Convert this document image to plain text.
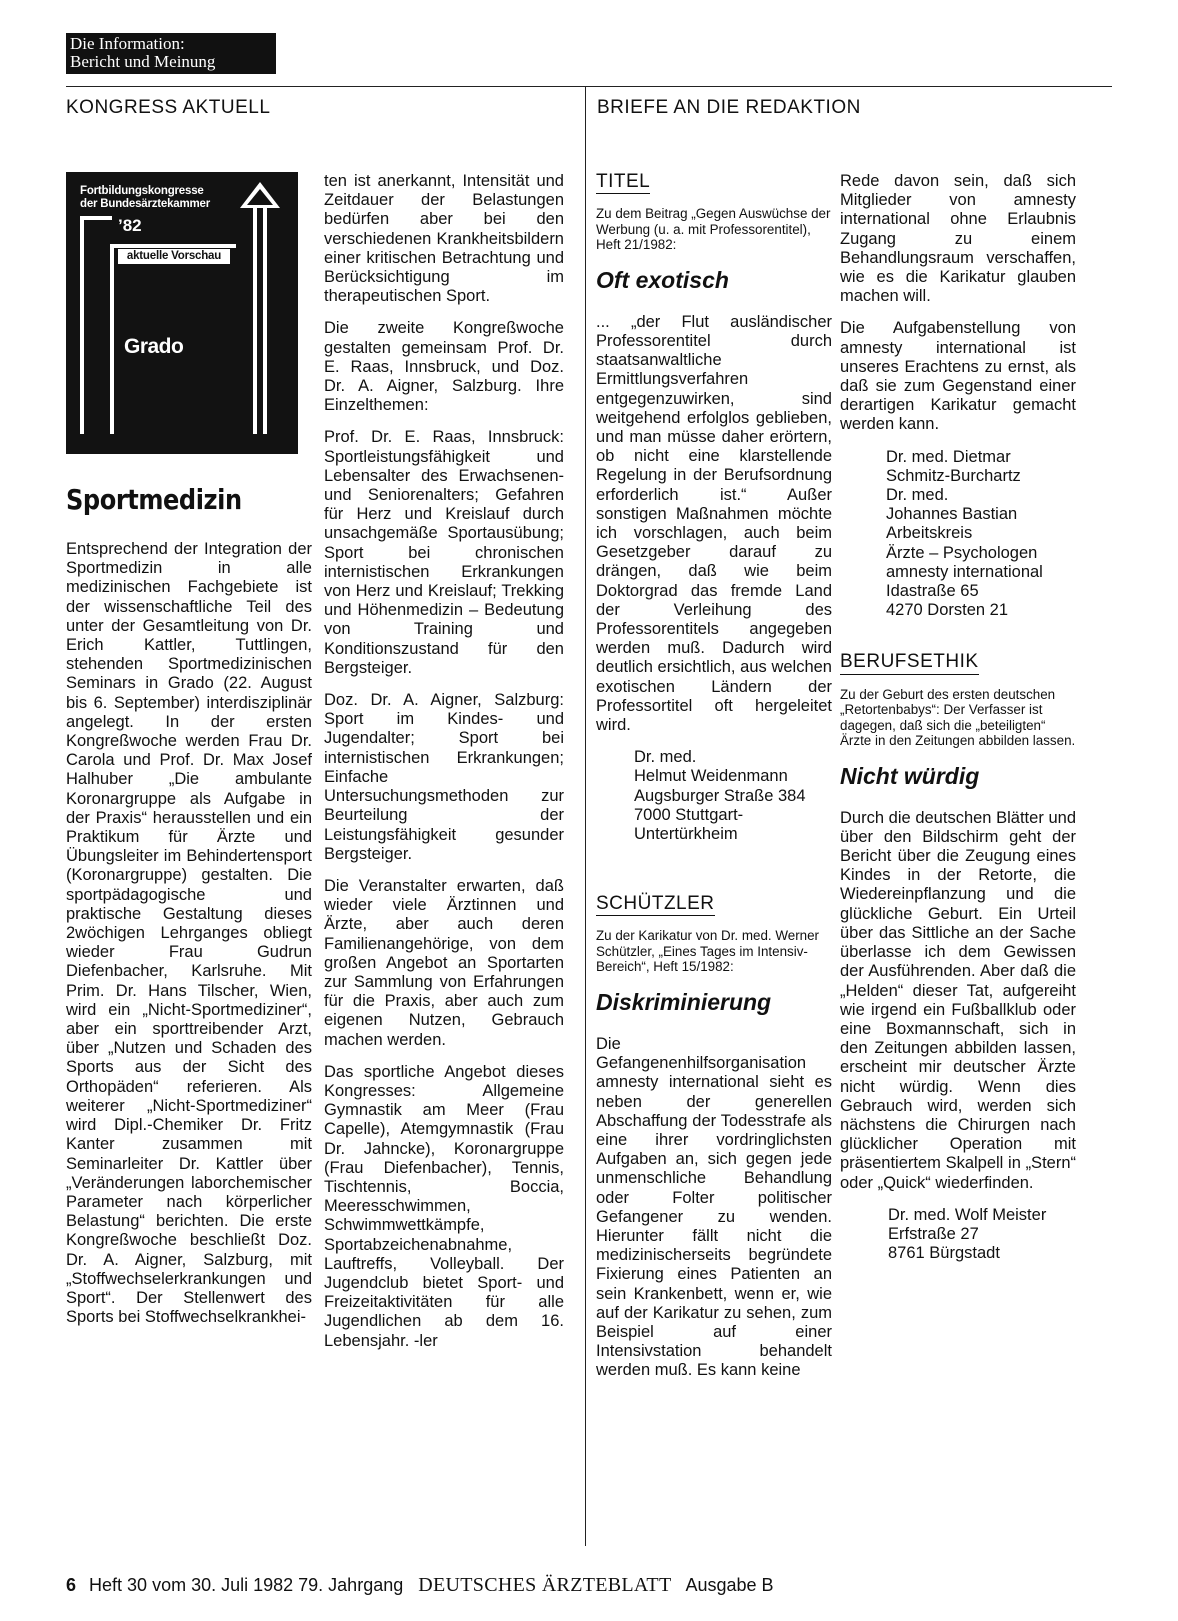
Die Information:
Bericht und Meinung
KONGRESS AKTUELL	BRIEFE AN DIE REDAKTION
Fortbildungskongresse
der Bundesärztekammer
’82
aktuelle Vorschau
Grado
Sportmedizin

Entsprechend der Integration der Sportmedizin in alle medizinischen Fachgebiete ist der wissenschaftliche Teil des unter der Gesamtleitung von Dr. Erich Kattler, Tuttlingen, stehenden Sportmedizinischen Seminars in Grado (22. August bis 6. September) interdisziplinär angelegt. In der ersten Kongreßwoche werden Frau Dr. Carola und Prof. Dr. Max Josef Halhuber „Die ambulante Koronargruppe als Aufgabe in der Praxis“ herausstellen und ein Praktikum für Ärzte und Übungsleiter im Behindertensport (Koronargruppe) gestalten. Die sportpädagogische und praktische Gestaltung dieses 2wöchigen Lehrganges obliegt wieder Frau Gudrun Diefenbacher, Karlsruhe. Mit Prim. Dr. Hans Tilscher, Wien, wird ein „Nicht-Sportmediziner“, aber ein sporttreibender Arzt, über „Nutzen und Schaden des Sports aus der Sicht des Orthopäden“ referieren. Als weiterer „Nicht-Sportmediziner“ wird Dipl.-Chemiker Dr. Fritz Kanter zusammen mit Seminarleiter Dr. Kattler über „Veränderungen laborchemischer Parameter nach körperlicher Belastung“ berichten. Die erste Kongreßwoche beschließt Doz. Dr. A. Aigner, Salzburg, mit „Stoffwechselerkrankungen und Sport“. Der Stellenwert des Sports bei Stoffwechselkrankhei-

ten ist anerkannt, Intensität und Zeitdauer der Belastungen bedürfen aber bei den verschiedenen Krankheitsbildern einer kritischen Betrachtung und Berücksichtigung im therapeutischen Sport.

Die zweite Kongreßwoche gestalten gemeinsam Prof. Dr. E. Raas, Innsbruck, und Doz. Dr. A. Aigner, Salzburg. Ihre Einzelthemen:

Prof. Dr. E. Raas, Innsbruck: Sportleistungsfähigkeit und Lebensalter des Erwachsenen- und Seniorenalters; Gefahren für Herz und Kreislauf durch unsachgemäße Sportausübung; Sport bei chronischen internistischen Erkrankungen von Herz und Kreislauf; Trekking und Höhenmedizin – Bedeutung von Training und Konditionszustand für den Bergsteiger.

Doz. Dr. A. Aigner, Salzburg: Sport im Kindes- und Jugendalter; Sport bei internistischen Erkrankungen; Einfache Untersuchungsmethoden zur Beurteilung der Leistungsfähigkeit gesunder Bergsteiger.

Die Veranstalter erwarten, daß wieder viele Ärztinnen und Ärzte, aber auch deren Familienangehörige, von dem großen Angebot an Sportarten zur Sammlung von Erfahrungen für die Praxis, aber auch zum eigenen Nutzen, Gebrauch machen werden.

Das sportliche Angebot dieses Kongresses: Allgemeine Gymnastik am Meer (Frau Capelle), Atemgymnastik (Frau Dr. Jahncke), Koronargruppe (Frau Diefenbacher), Tennis, Tischtennis, Boccia, Meeresschwimmen, Schwimmwettkämpfe, Sportabzeichenabnahme, Lauftreffs, Volleyball. Der Jugendclub bietet Sport- und Freizeitaktivitäten für alle Jugendlichen ab dem 16. Lebensjahr. -ler

TITEL
Zu dem Beitrag „Gegen Auswüchse der Werbung (u. a. mit Professorentitel), Heft 21/1982:
Oft exotisch

... „der Flut ausländischer Professorentitel durch staatsanwaltliche Ermittlungsverfahren entgegenzuwirken, sind weitgehend erfolglos geblieben, und man müsse daher erörtern, ob nicht eine klarstellende Regelung in der Berufsordnung erforderlich ist.“ Außer sonstigen Maßnahmen möchte ich vorschlagen, auch beim Gesetzgeber darauf zu drängen, daß wie beim Doktorgrad das fremde Land der Verleihung des Professorentitels angegeben werden muß. Dadurch wird deutlich ersichtlich, aus welchen exotischen Ländern der Professortitel oft hergeleitet wird.

Dr. med.
Helmut Weidenmann
Augsburger Straße 384
7000 Stuttgart-
Untertürkheim
SCHÜTZLER
Zu der Karikatur von Dr. med. Werner Schützler, „Eines Tages im Intensiv-Bereich“, Heft 15/1982:
Diskriminierung

Die Gefangenenhilfsorganisation amnesty international sieht es neben der generellen Abschaffung der Todesstrafe als eine ihrer vordringlichsten Aufgaben an, sich gegen jede unmenschliche Behandlung oder Folter politischer Gefangener zu wenden. Hierunter fällt nicht die medizinischerseits begründete Fixierung eines Patienten an sein Krankenbett, wenn er, wie auf der Karikatur zu sehen, zum Beispiel auf einer Intensivstation behandelt werden muß. Es kann keine

Rede davon sein, daß sich Mitglieder von amnesty international ohne Erlaubnis Zugang zu einem Behandlungsraum verschaffen, wie es die Karikatur glauben machen will.

Die Aufgabenstellung von amnesty international ist unseres Erachtens zu ernst, als daß sie zum Gegenstand einer derartigen Karikatur gemacht werden kann.

Dr. med. Dietmar
Schmitz-Burchartz
Dr. med.
Johannes Bastian
Arbeitskreis
Ärzte – Psychologen
amnesty international
Idastraße 65
4270 Dorsten 21
BERUFSETHIK
Zu der Geburt des ersten deutschen „Retortenbabys“: Der Verfasser ist dagegen, daß sich die „beteiligten“ Ärzte in den Zeitungen abbilden lassen.
Nicht würdig

Durch die deutschen Blätter und über den Bildschirm geht der Bericht über die Zeugung eines Kindes in der Retorte, die Wiedereinpflanzung und die glückliche Geburt. Ein Urteil über das Sittliche an der Sache überlasse ich dem Gewissen der Ausführenden. Aber daß die „Helden“ dieser Tat, aufgereiht wie irgend ein Fußballklub oder eine Boxmannschaft, sich in den Zeitungen abbilden lassen, erscheint mir deutscher Ärzte nicht würdig. Wenn dies Gebrauch wird, werden sich nächstens die Chirurgen nach glücklicher Operation mit präsentiertem Skalpell in „Stern“ oder „Quick“ wiederfinden.

Dr. med. Wolf Meister
Erfstraße 27
8761 Bürgstadt
6 Heft 30 vom 30. Juli 1982 79. Jahrgang DEUTSCHES ÄRZTEBLATT Ausgabe B
